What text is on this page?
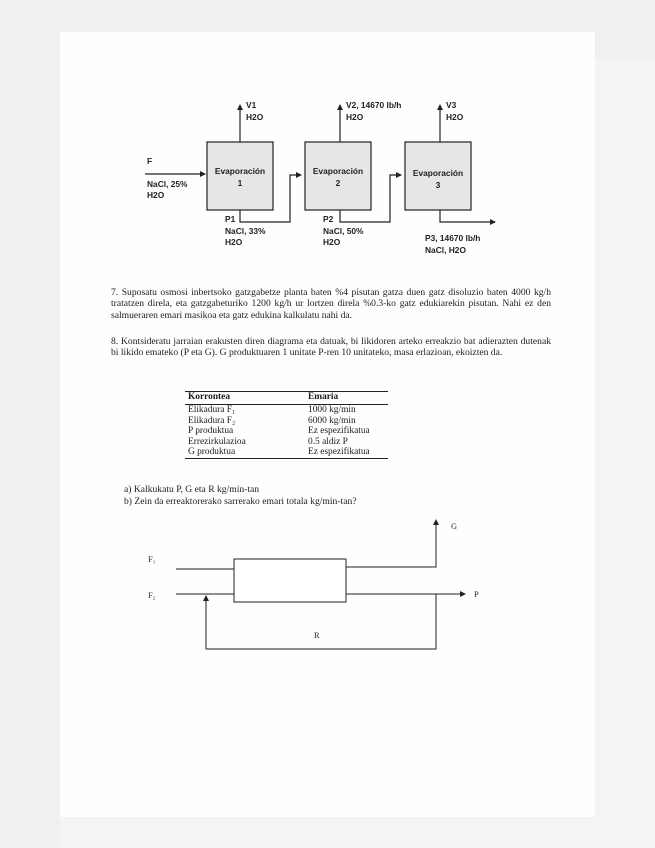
Evaporación
1
Evaporación
2
Evaporación
3
F
NaCl, 25%
H2O
V1
H2O
V2, 14670 lb/h
H2O
V3
H2O
P1
NaCl, 33%
H2O
P2
NaCl, 50%
H2O	P3, 14670 lb/h
NaCl, H2O

7. Suposatu osmosi inbertsoko gatzgabetze planta baten %4 pisutan gatza duen gatz disoluzio baten 4000 kg/h tratatzen direla, eta gatzgabeturiko 1200 kg/h ur lortzen direla %0.3-ko gatz edukiarekin pisutan. Nahi ez den salmueraren emari masikoa eta gatz edukina kalkulatu nahi da.

8. Kontsideratu jarraian erakusten diren diagrama eta datuak, bi likidoren arteko erreakzio bat adierazten dutenak bi likido emateko (P eta G). G produktuaren 1 unitate P-ren 10 unitateko, masa erlazioan, ekoizten da.

Korrontea	Emaria
Elikadura F₁	1000 kg/min
Elikadura F₂	6000 kg/min
P produktua	Ez espezifikatua
Errezirkulazioa	0.5 aldiz P
G produktua	Ez espezifikatua
a) Kalkukatu P, G eta R kg/min-tan
b) Zein da erreaktorerako sarrerako emari totala kg/min-tan?
F₁
F₂
G
P
R
